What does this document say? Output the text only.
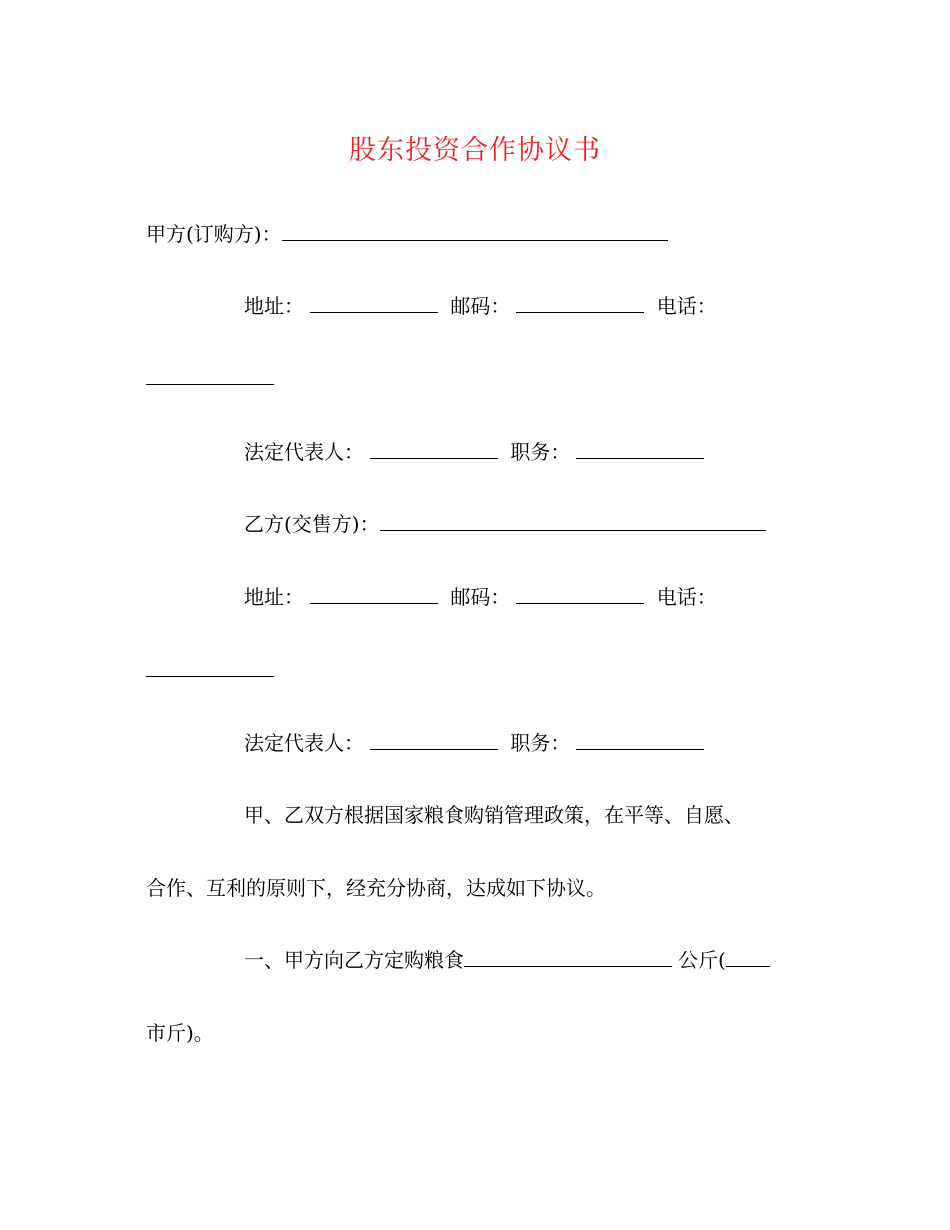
股东投资合作协议书
甲方(订购方)：
地址：	邮码：	电话：
法定代表人：	职务：
乙方(交售方)：
地址：	邮码：	电话：
法定代表人：	职务：
甲、乙双方根据国家粮食购销管理政策，在平等、自愿、
合作、互利的原则下，经充分协商，达成如下协议。
一、甲方向乙方定购粮食	公斤(
市斤)。
